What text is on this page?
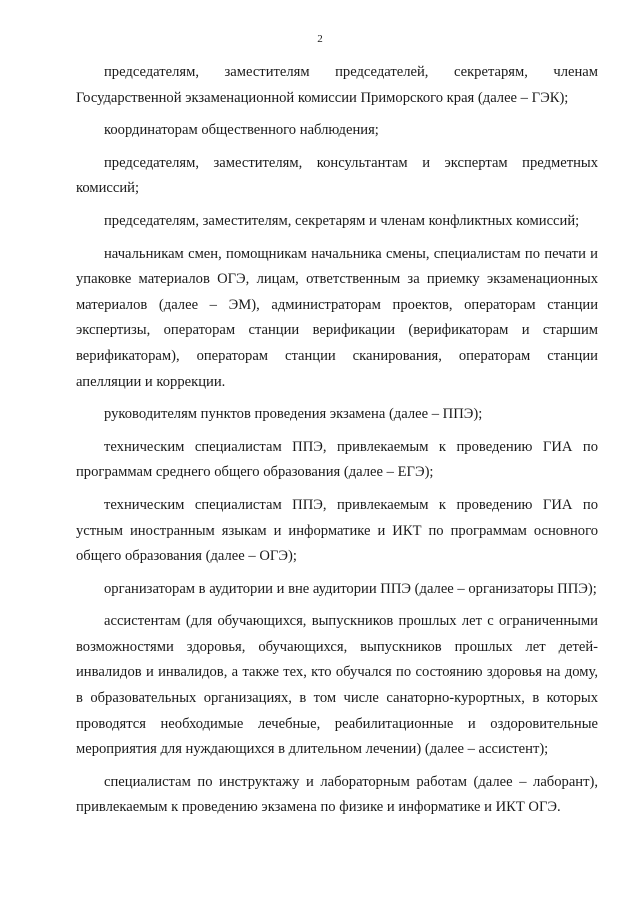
2

председателям, заместителям председателей, секретарям, членам Государственной экзаменационной комиссии Приморского края (далее – ГЭК);

координаторам общественного наблюдения;

председателям, заместителям, консультантам и экспертам предметных комиссий;

председателям, заместителям, секретарям и членам конфликтных комиссий;

начальникам смен, помощникам начальника смены, специалистам по печати и упаковке материалов ОГЭ, лицам, ответственным за приемку экзаменационных материалов (далее – ЭМ), администраторам проектов, операторам станции экспертизы, операторам станции верификации (верификаторам и старшим верификаторам), операторам станции сканирования, операторам станции апелляции и коррекции.

руководителям пунктов проведения экзамена (далее – ППЭ);

техническим специалистам ППЭ, привлекаемым к проведению ГИА по программам среднего общего образования (далее – ЕГЭ);

техническим специалистам ППЭ, привлекаемым к проведению ГИА по устным иностранным языкам и информатике и ИКТ по программам основного общего образования (далее – ОГЭ);

организаторам в аудитории и вне аудитории ППЭ (далее – организаторы ППЭ);

ассистентам (для обучающихся, выпускников прошлых лет с ограниченными возможностями здоровья, обучающихся, выпускников прошлых лет детей-инвалидов и инвалидов, а также тех, кто обучался по состоянию здоровья на дому, в образовательных организациях, в том числе санаторно-курортных, в которых проводятся необходимые лечебные, реабилитационные и оздоровительные мероприятия для нуждающихся в длительном лечении) (далее – ассистент);

специалистам по инструктажу и лабораторным работам (далее – лаборант), привлекаемым к проведению экзамена по физике и информатике и ИКТ ОГЭ.
